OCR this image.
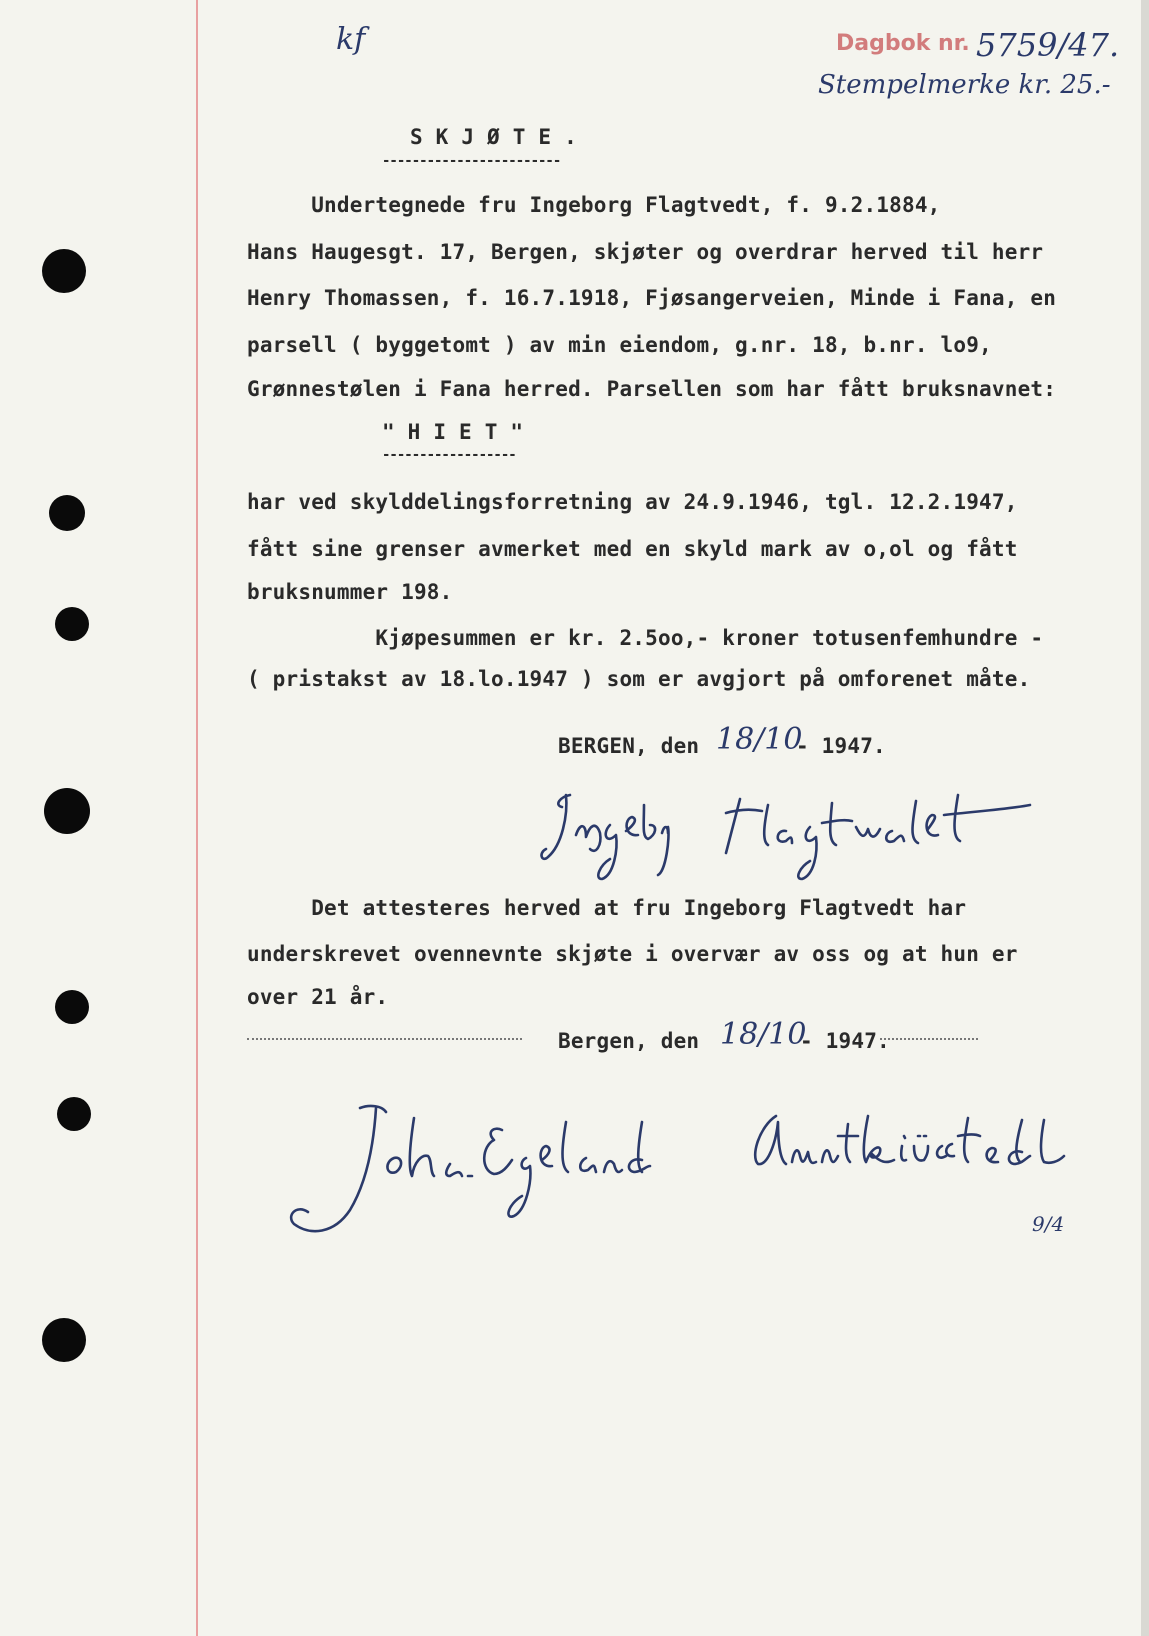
kf	Dagbok nr. 5759/47.
Stempelmerke kr. 25.-
S K J Ø T E .
------------------------
Undertegnede fru Ingeborg Flagtvedt, f. 9.2.1884,
Hans Haugesgt. 17, Bergen, skjøter og overdrar herved til herr
Henry Thomassen, f. 16.7.1918, Fjøsangerveien, Minde i Fana, en
parsell ( byggetomt ) av min eiendom, g.nr. 18, b.nr. lo9,
Grønnestølen i Fana herred. Parsellen som har fått bruksnavnet:
" H I E T "
------------------
har ved skylddelingsforretning av 24.9.1946, tgl. 12.2.1947,
fått sine grenser avmerket med en skyld mark av o,ol og fått
bruksnummer 198.
Kjøpesummen er kr. 2.5oo,- kroner totusenfemhundre -
( pristakst av 18.lo.1947 ) som er avgjort på omforenet måte.
BERGEN, den 18/10
- 1947.
Det attesteres herved at fru Ingeborg Flagtvedt har
underskrevet ovennevnte skjøte i overvær av oss og at hun er
over 21 år.
Bergen, den 18/10
- 1947.
9/4
